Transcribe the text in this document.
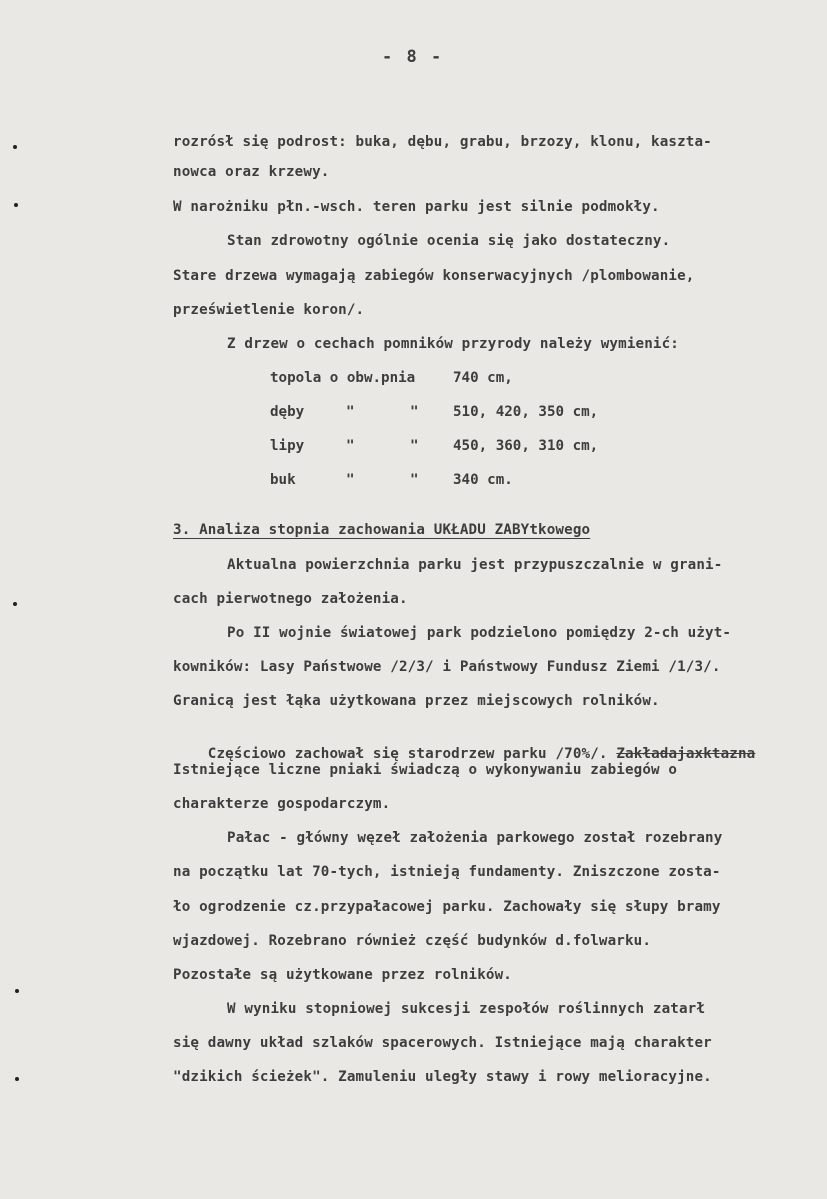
- 8 -
rozrósł się podrost: buka, dębu, grabu, brzozy, klonu, kaszta-
nowca oraz krzewy.
W narożniku płn.-wsch. teren parku jest silnie podmokły.
Stan zdrowotny ogólnie ocenia się jako dostateczny.
Stare drzewa wymagają zabiegów konserwacyjnych /plombowanie,
prześwietlenie koron/.
Z drzew o cechach pomników przyrody należy wymienić:
topola o obw.pnia	740 cm,
dęby	"	" 510, 420, 350 cm,
lipy	"	" 450, 360, 310 cm,
buk	"	" 340 cm.
3. Analiza stopnia zachowania UKŁADU ZABYtkowego
Aktualna powierzchnia parku jest przypuszczalnie w grani-
cach pierwotnego założenia.
Po II wojnie światowej park podzielono pomiędzy 2-ch użyt-
kowników: Lasy Państwowe /2/3/ i Państwowy Fundusz Ziemi /1/3/.
Granicą jest łąka użytkowana przez miejscowych rolników.

Częściowo zachował się starodrzew parku /70%/. Zakładajaxktazna

Istniejące liczne pniaki świadczą o wykonywaniu zabiegów o
charakterze gospodarczym.
Pałac - główny węzeł założenia parkowego został rozebrany
na początku lat 70-tych, istnieją fundamenty. Zniszczone zosta-
ło ogrodzenie cz.przypałacowej parku. Zachowały się słupy bramy
wjazdowej. Rozebrano również część budynków d.folwarku.
Pozostałe są użytkowane przez rolników.
W wyniku stopniowej sukcesji zespołów roślinnych zatarł
się dawny układ szlaków spacerowych. Istniejące mają charakter
"dzikich ścieżek". Zamuleniu uległy stawy i rowy melioracyjne.
